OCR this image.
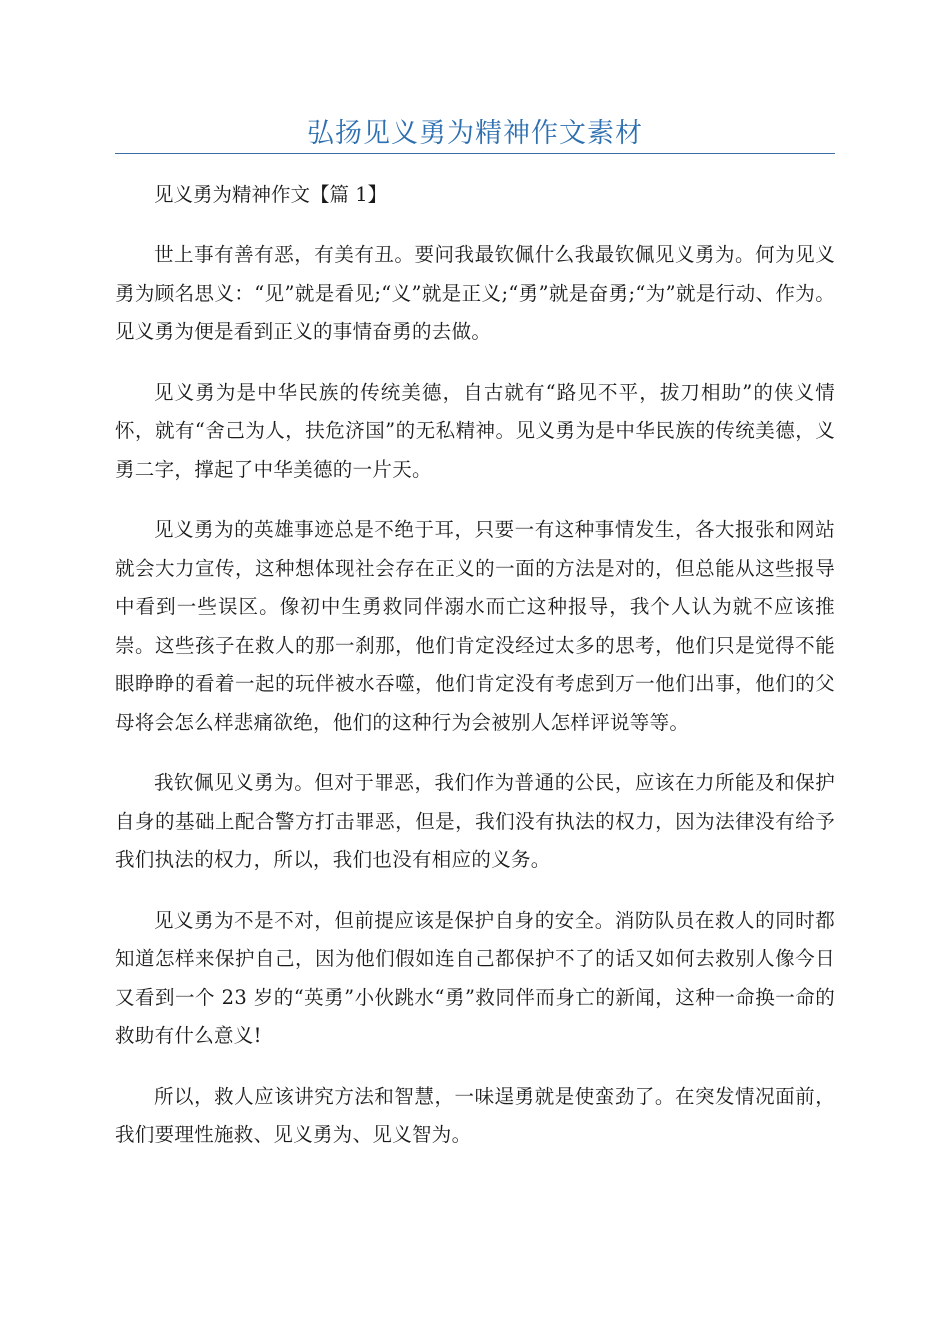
弘扬见义勇为精神作文素材

见义勇为精神作文【篇 1】

世上事有善有恶，有美有丑。要问我最钦佩什么我最钦佩见义勇为。何为见义勇为顾名思义：“见”就是看见;“义”就是正义;“勇”就是奋勇;“为”就是行动、作为。见义勇为便是看到正义的事情奋勇的去做。

见义勇为是中华民族的传统美德，自古就有“路见不平，拔刀相助”的侠义情怀，就有“舍己为人，扶危济国”的无私精神。见义勇为是中华民族的传统美德，义勇二字，撑起了中华美德的一片天。

见义勇为的英雄事迹总是不绝于耳，只要一有这种事情发生，各大报张和网站就会大力宣传，这种想体现社会存在正义的一面的方法是对的，但总能从这些报导中看到一些误区。像初中生勇救同伴溺水而亡这种报导，我个人认为就不应该推崇。这些孩子在救人的那一刹那，他们肯定没经过太多的思考，他们只是觉得不能眼睁睁的看着一起的玩伴被水吞噬，他们肯定没有考虑到万一他们出事，他们的父母将会怎么样悲痛欲绝，他们的这种行为会被别人怎样评说等等。

我钦佩见义勇为。但对于罪恶，我们作为普通的公民，应该在力所能及和保护自身的基础上配合警方打击罪恶，但是，我们没有执法的权力，因为法律没有给予我们执法的权力，所以，我们也没有相应的义务。

见义勇为不是不对，但前提应该是保护自身的安全。消防队员在救人的同时都知道怎样来保护自己，因为他们假如连自己都保护不了的话又如何去救别人像今日又看到一个 23 岁的“英勇”小伙跳水“勇”救同伴而身亡的新闻，这种一命换一命的救助有什么意义!

所以，救人应该讲究方法和智慧，一味逞勇就是使蛮劲了。在突发情况面前，我们要理性施救、见义勇为、见义智为。
